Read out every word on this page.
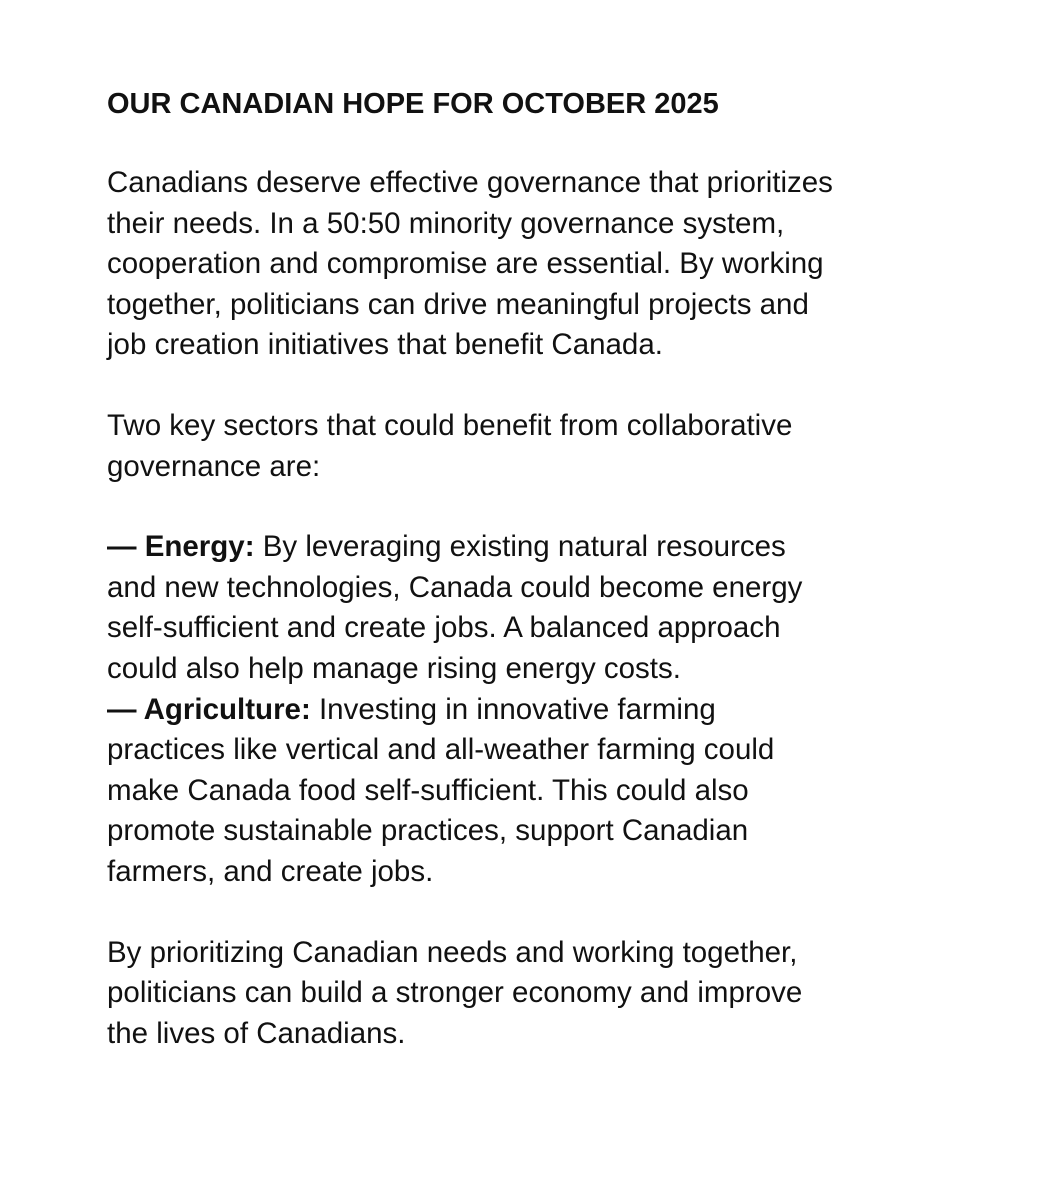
OUR CANADIAN HOPE FOR OCTOBER 2025

Canadians deserve effective governance that prioritizes
their needs. In a 50:50 minority governance system,
cooperation and compromise are essential. By working
together, politicians can drive meaningful projects and
job creation initiatives that benefit Canada.

Two key sectors that could benefit from collaborative
governance are:

— Energy: By leveraging existing natural resources
and new technologies, Canada could become energy
self-sufficient and create jobs. A balanced approach
could also help manage rising energy costs.
— Agriculture: Investing in innovative farming
practices like vertical and all-weather farming could
make Canada food self-sufficient. This could also
promote sustainable practices, support Canadian
farmers, and create jobs.

By prioritizing Canadian needs and working together,
politicians can build a stronger economy and improve
the lives of Canadians.
